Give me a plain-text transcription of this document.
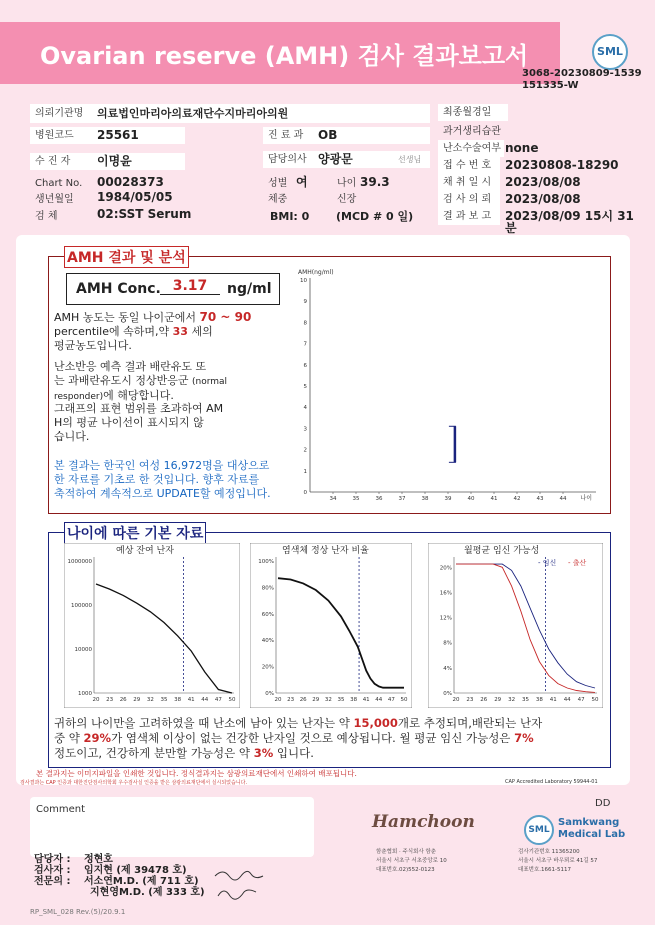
Ovarian reserve (AMH) 검사 결과보고서	SML
3068-20230809-1539
151335-W
의뢰기관명 의료법인마리아의료재단수지마리아의원
병원코드 25561	진 료 과 OB
수 진 자 이명윤	담당의사 양광문	선생님
Chart No. 00028373	성별 여	나이 39.3
생년월일 1984/05/05	체중	신장
검 체	02:SST Serum	BMI: 0 (MCD # 0 일)
최종월경일
과거생리습관
난소수술여부 none
접 수 번 호 20230808-18290
채 취 일 시 2023/08/08
검 사 의 뢰 2023/08/08
결 과 보 고 2023/08/09 15시 31
분
AMH 결과 및 분석
AMH Conc. 3.17	ng/ml
AMH 농도는 동일 나이군에서 70 ~ 90
percentile에 속하며,약 33 세의
평균농도입니다.
난소반응 예측 결과 배란유도 또
는 과배란유도시 정상반응군 (normal
responder)에 해당합니다.
그래프의 표현 범위를 초과하여 AM
H의 평균 나이선이 표시되지 않
습니다.
본 결과는 한국인 여성 16,972명을 대상으로
한 자료를 기초로 한 것입니다. 향후 자료를
축적하여 계속적으로 UPDATE할 예정입니다.
AMH(ng/ml)
0
1
2
3
4
5
6
7
8
9
10
34	35	36	37	38	39	40	41	42	43	44 나이
나이에 따른 기본 자료
예상 잔여 난자
1000000
100000
10000
1000
20 23 26 29 32 35 38 41 44 47 50
염색체 정상 난자 비율
100%
80%
60%
40%
20%
0%
20 23 26 29 32 35 38 41 44 47 50
월평균 임신 가능성
20%
16%
12%
8%
4%
0%
20 23 26 29 32 35 38 41 44 47 50
- 임신 - 출산
귀하의 나이만을 고려하였을 때 난소에 남아 있는 난자는 약 15,000개로 추정되며,배란되는 난자
중 약 29%가 염색체 이상이 없는 건강한 난자일 것으로 예상됩니다. 월 평균 임신 가능성은 7%
정도이고, 건강하게 분만할 가능성은 약 3% 입니다.
본 결과지는 이미지파일을 인쇄한 것입니다. 정식결과지는 삼광의료재단에서 인쇄하여 배포됩니다.
검사결과는 CAP 인증과 대한진단검사의학회 우수검사실 인증을 받은 삼광의료재단에서 실시되었습니다.	CAP Accredited Laboratory 59944-01
DD
Comment
담당자 : 정현호
검사자 : 임지현 (제 39478 호)
전문의 : 서소연M.D. (제 711 호)
지현영M.D. (제 333 호)
Hamchoon
함춘협회 · 주식회사 함춘
서울시 서초구 서초중앙로 10
대표번호.02)552-0123
SML
Samkwang
Medical Lab
검사기관번호 11365200
서울시 서초구 바우뫼로 41길 57
대표번호.1661-5117
RP_SML_028 Rev.(5)/20.9.1
